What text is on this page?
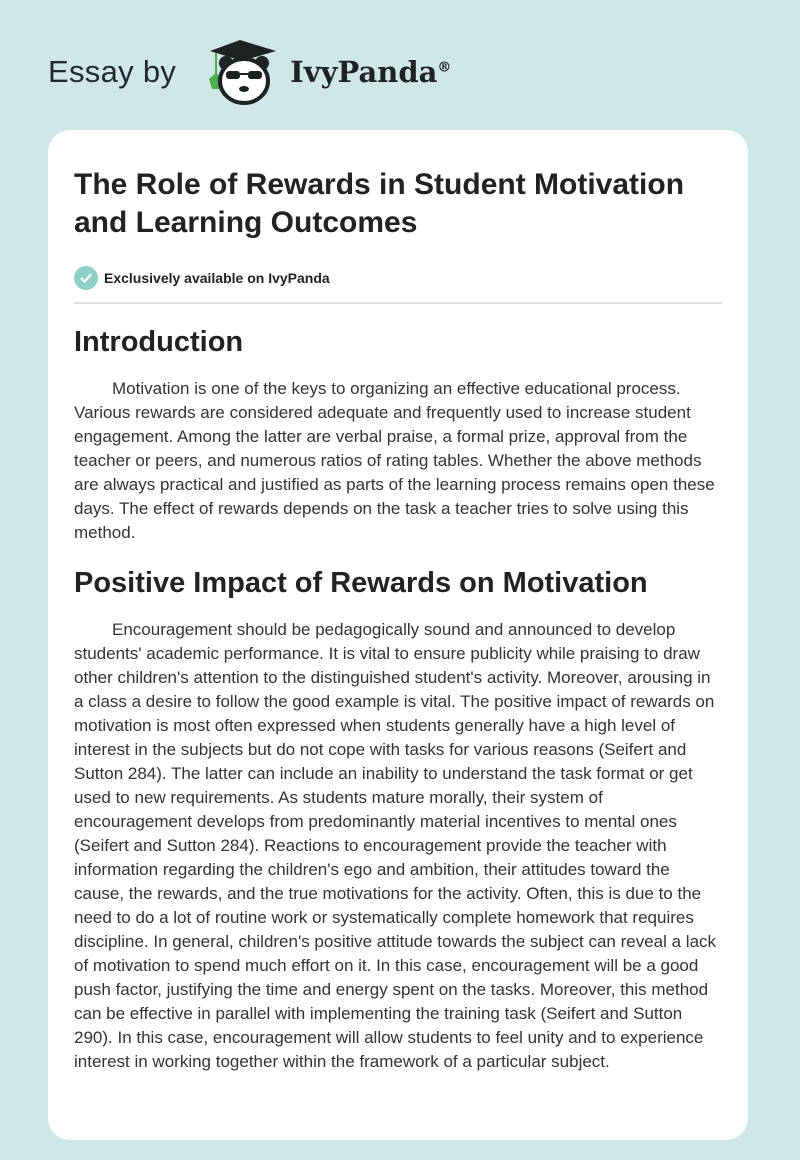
Essay by	IvyPanda®
The Role of Rewards in Student Motivation and Learning Outcomes
Exclusively available on IvyPanda
Introduction

Motivation is one of the keys to organizing an effective educational process. Various rewards are considered adequate and frequently used to increase student engagement. Among the latter are verbal praise, a formal prize, approval from the teacher or peers, and numerous ratios of rating tables. Whether the above methods are always practical and justified as parts of the learning process remains open these days. The effect of rewards depends on the task a teacher tries to solve using this method.

Positive Impact of Rewards on Motivation

Encouragement should be pedagogically sound and announced to develop students' academic performance. It is vital to ensure publicity while praising to draw other children's attention to the distinguished student's activity. Moreover, arousing in a class a desire to follow the good example is vital. The positive impact of rewards on motivation is most often expressed when students generally have a high level of interest in the subjects but do not cope with tasks for various reasons (Seifert and Sutton 284). The latter can include an inability to understand the task format or get used to new requirements. As students mature morally, their system of encouragement develops from predominantly material incentives to mental ones (Seifert and Sutton 284). Reactions to encouragement provide the teacher with information regarding the children's ego and ambition, their attitudes toward the cause, the rewards, and the true motivations for the activity. Often, this is due to the need to do a lot of routine work or systematically complete homework that requires discipline. In general, children's positive attitude towards the subject can reveal a lack of motivation to spend much effort on it. In this case, encouragement will be a good push factor, justifying the time and energy spent on the tasks. Moreover, this method can be effective in parallel with implementing the training task (Seifert and Sutton 290). In this case, encouragement will allow students to feel unity and to experience interest in working together within the framework of a particular subject.
